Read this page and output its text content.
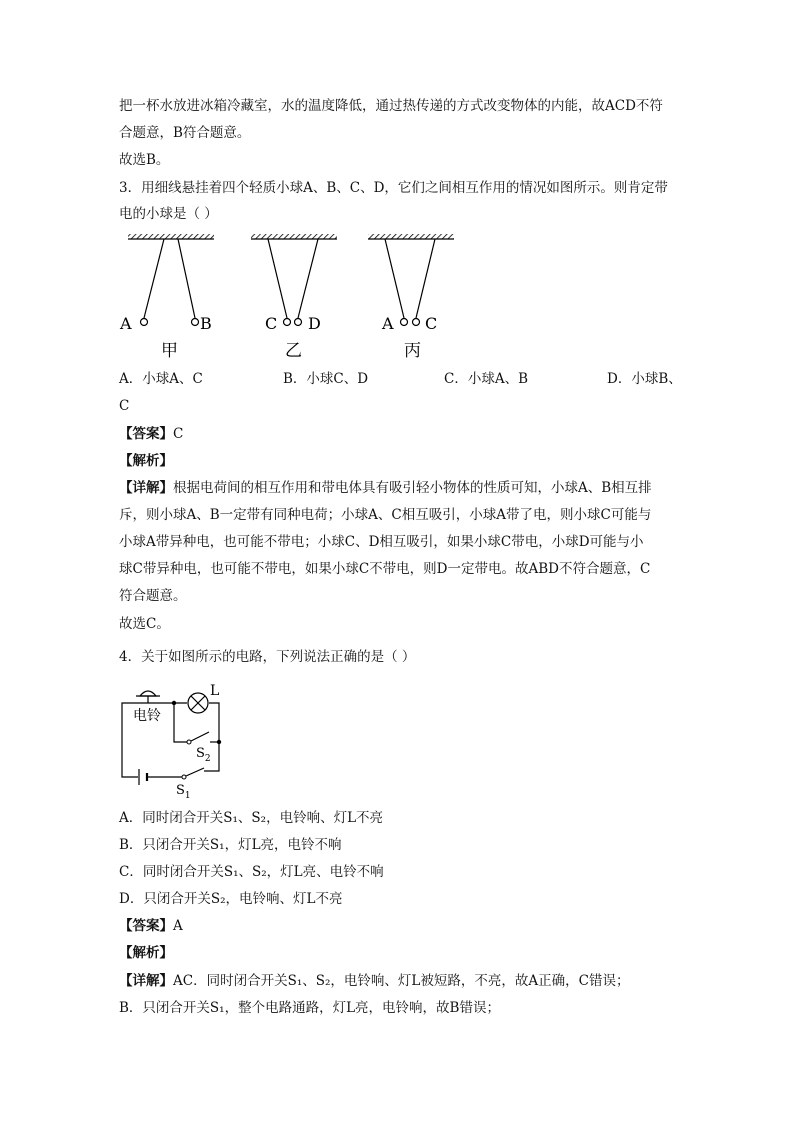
把一杯水放进冰箱冷藏室，水的温度降低，通过热传递的方式改变物体的内能，故ACD不符
合题意，B符合题意。
故选B。
3．用细线悬挂着四个轻质小球A、B、C、D，它们之间相互作用的情况如图所示。则肯定带
电的小球是（ ）
A	B
甲
C D
乙
A C
丙
A．小球A、C	B．小球C、D	C．小球A、B	D．小球B、
C
【答案】C
【解析】
【详解】根据电荷间的相互作用和带电体具有吸引轻小物体的性质可知，小球A、B相互排
斥，则小球A、B一定带有同种电荷；小球A、C相互吸引，小球A带了电，则小球C可能与
小球A带异种电，也可能不带电；小球C、D相互吸引，如果小球C带电，小球D可能与小
球C带异种电，也可能不带电，如果小球C不带电，则D一定带电。故ABD不符合题意，C
符合题意。
故选C。
4．关于如图所示的电路，下列说法正确的是（ ）
电铃
L
$S_2$
$S_1$
A．同时闭合开关S₁、S₂，电铃响、灯L不亮
B．只闭合开关S₁，灯L亮，电铃不响
C．同时闭合开关S₁、S₂，灯L亮、电铃不响
D．只闭合开关S₂，电铃响、灯L不亮
【答案】A
【解析】
【详解】AC．同时闭合开关S₁、S₂，电铃响、灯L被短路，不亮，故A正确，C错误；
B．只闭合开关S₁，整个电路通路，灯L亮，电铃响，故B错误；
